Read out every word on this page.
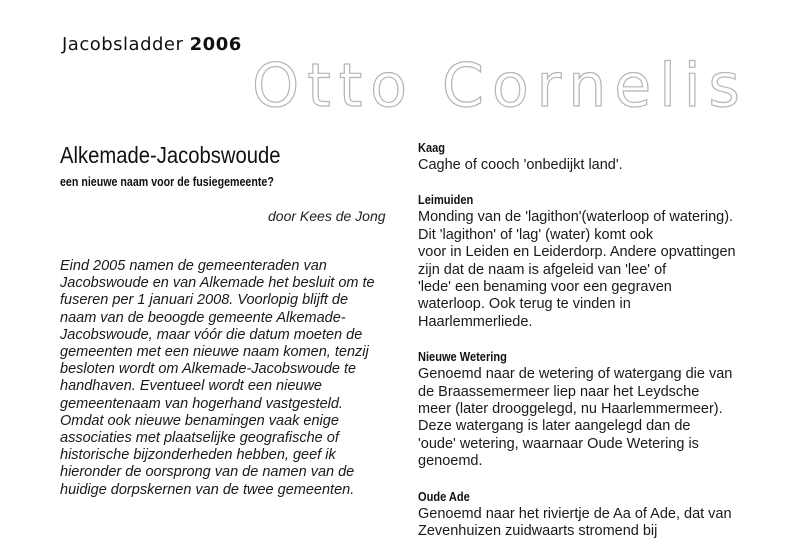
Jacobsladder 2006
Otto Cornelis
Alkemade-Jacobswoude
een nieuwe naam voor de fusiegemeente?
door Kees de Jong
Eind 2005 namen de gemeenteraden van
Jacobswoude en van Alkemade het besluit om te
fuseren per 1 januari 2008. Voorlopig blijft de
naam van de beoogde gemeente Alkemade-
Jacobswoude, maar vóór die datum moeten de
gemeenten met een nieuwe naam komen, tenzij
besloten wordt om Alkemade-Jacobswoude te
handhaven. Eventueel wordt een nieuwe
gemeentenaam van hogerhand vastgesteld.
Omdat ook nieuwe benamingen vaak enige
associaties met plaatselijke geografische of
historische bijzonderheden hebben, geef ik
hieronder de oorsprong van de namen van de
huidige dorpskernen van de twee gemeenten.
Kaag
Caghe of cooch 'onbedijkt land'.
Leimuiden
Monding van de 'lagithon'(waterloop of watering).
Dit 'lagithon' of 'lag' (water) komt ook
voor in Leiden en Leiderdorp. Andere opvattingen
zijn dat de naam is afgeleid van 'lee' of
'lede' een benaming voor een gegraven
waterloop. Ook terug te vinden in
Haarlemmerliede.
Nieuwe Wetering
Genoemd naar de wetering of watergang die van
de Braassemermeer liep naar het Leydsche
meer (later drooggelegd, nu Haarlemmermeer).
Deze watergang is later aangelegd dan de
'oude' wetering, waarnaar Oude Wetering is
genoemd.
Oude Ade
Genoemd naar het riviertje de Aa of Ade, dat van
Zevenhuizen zuidwaarts stromend bij
